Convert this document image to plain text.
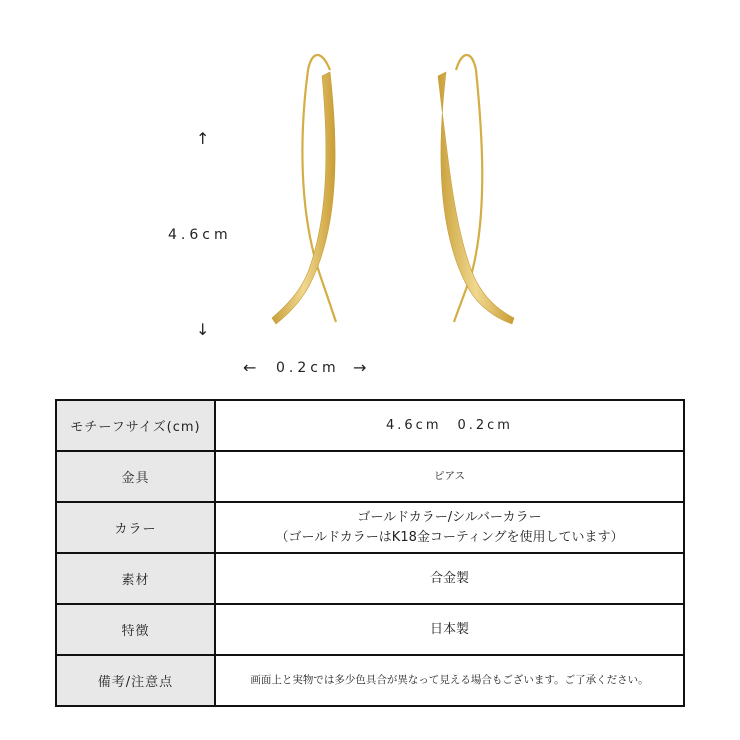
↑
4.6cm
↓
← 0.2cm →
モチーフサイズ(cm)	4.6cm　0.2cm
金具	ピアス
カラー	ゴールドカラー/シルバーカラー
（ゴールドカラーはK18金コーティングを使用しています）

素材	合金製
特徴	日本製
備考/注意点	画面上と実物では多少色具合が異なって見える場合もございます。ご了承ください。
